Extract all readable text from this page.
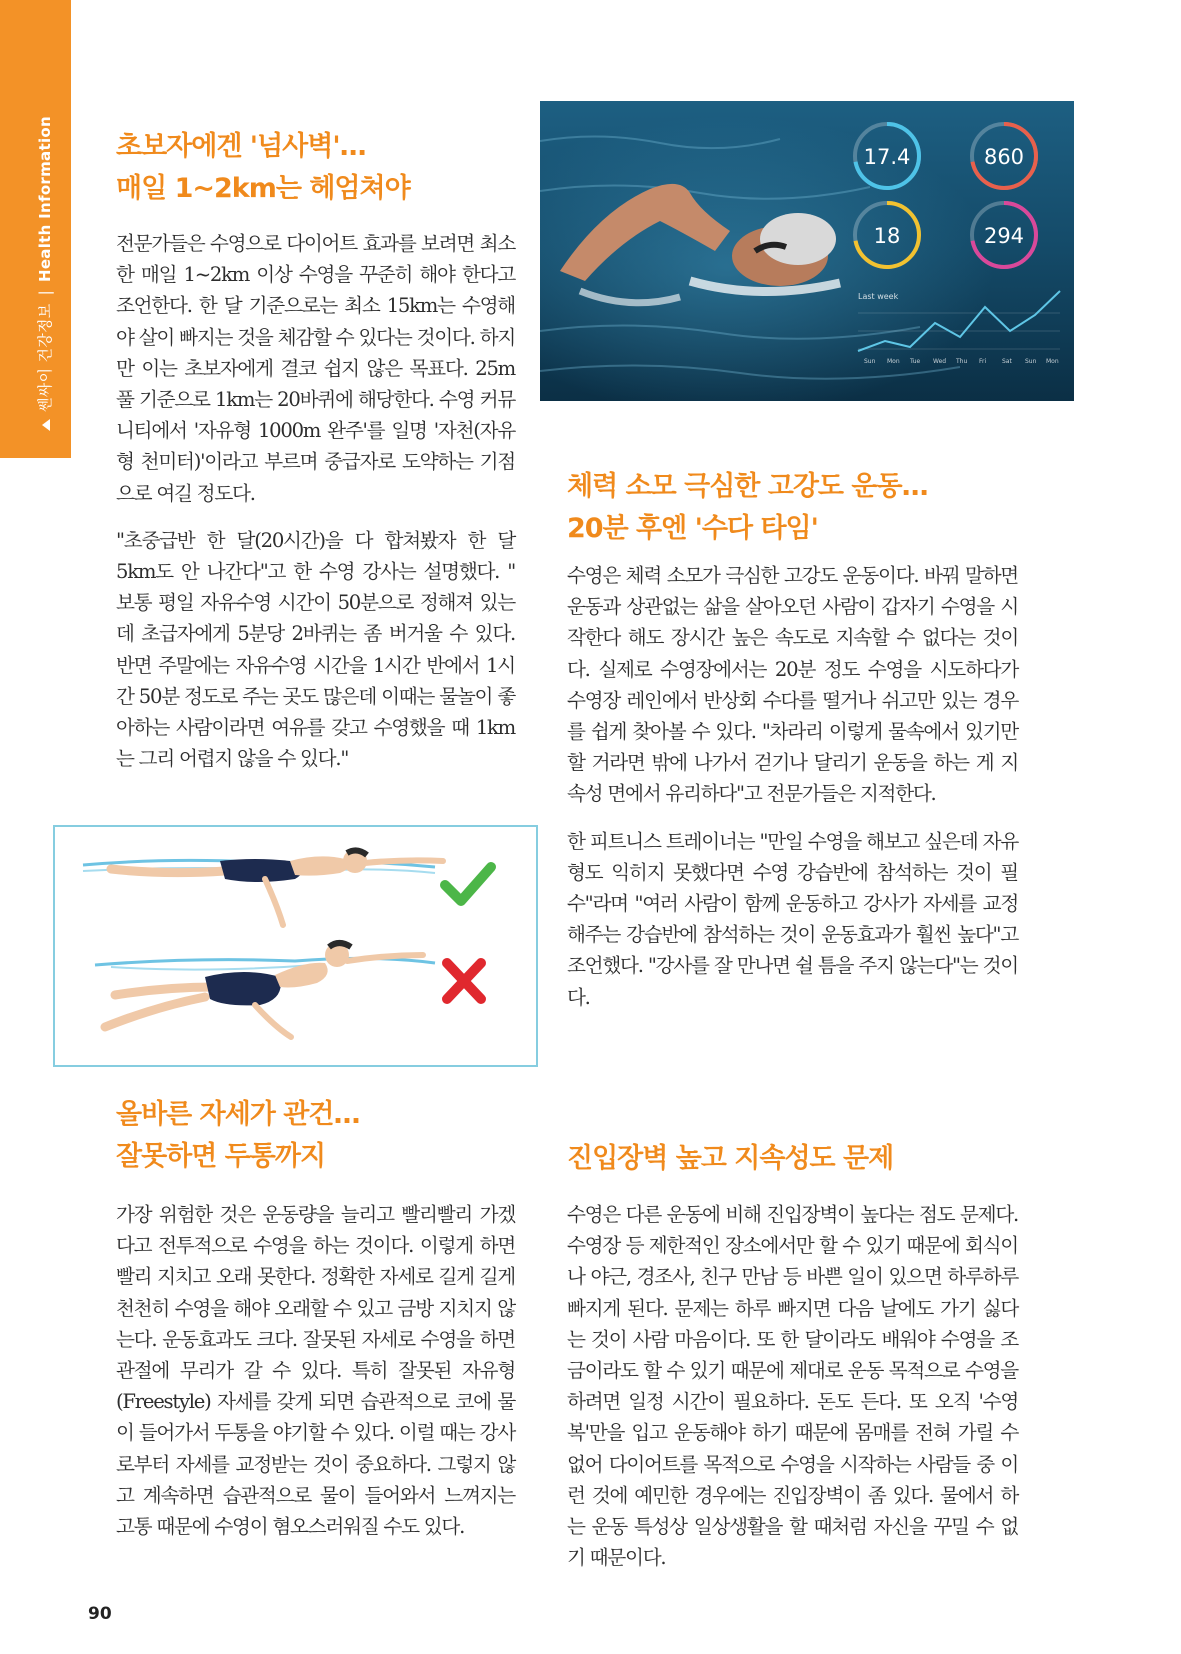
쎈싸이 건강정보|Health Information 초보자에겐 '넘사벽'…
매일 1~2km는 헤엄쳐야

전문가들은 수영으로 다이어트 효과를 보려면 최소한 매일 1~2km 이상 수영을 꾸준히 해야 한다고 조언한다. 한 달 기준으로는 최소 15km는 수영해야 살이 빠지는 것을 체감할 수 있다는 것이다. 하지만 이는 초보자에게 결코 쉽지 않은 목표다. 25m 풀 기준으로 1km는 20바퀴에 해당한다. 수영 커뮤니티에서 '자유형 1000m 완주'를 일명 '자천(자유형 천미터)'이라고 부르며 중급자로 도약하는 기점으로 여길 정도다.

"초중급반 한 달(20시간)을 다 합쳐봤자 한 달 5km도 안 나간다"고 한 수영 강사는 설명했다. " 보통 평일 자유수영 시간이 50분으로 정해져 있는데 초급자에게 5분당 2바퀴는 좀 버거울 수 있다. 반면 주말에는 자유수영 시간을 1시간 반에서 1시간 50분 정도로 주는 곳도 많은데 이때는 물놀이 좋아하는 사람이라면 여유를 갖고 수영했을 때 1km는 그리 어렵지 않을 수 있다."

17.4	860
18	294
Last week
Sun Mon Tue Wed Thu Fri	Sat Sun Mon
체력 소모 극심한 고강도 운동…
20분 후엔 '수다 타임'

수영은 체력 소모가 극심한 고강도 운동이다. 바꿔 말하면 운동과 상관없는 삶을 살아오던 사람이 갑자기 수영을 시작한다 해도 장시간 높은 속도로 지속할 수 없다는 것이다. 실제로 수영장에서는 20분 정도 수영을 시도하다가 수영장 레인에서 반상회 수다를 떨거나 쉬고만 있는 경우를 쉽게 찾아볼 수 있다. "차라리 이렇게 물속에서 있기만 할 거라면 밖에 나가서 걷기나 달리기 운동을 하는 게 지속성 면에서 유리하다"고 전문가들은 지적한다.

한 피트니스 트레이너는 "만일 수영을 해보고 싶은데 자유형도 익히지 못했다면 수영 강습반에 참석하는 것이 필수"라며 "여러 사람이 함께 운동하고 강사가 자세를 교정해주는 강습반에 참석하는 것이 운동효과가 훨씬 높다"고 조언했다. "강사를 잘 만나면 쉴 틈을 주지 않는다"는 것이다.

올바른 자세가 관건…
잘못하면 두통까지

가장 위험한 것은 운동량을 늘리고 빨리빨리 가겠다고 전투적으로 수영을 하는 것이다. 이렇게 하면 빨리 지치고 오래 못한다. 정확한 자세로 길게 길게 천천히 수영을 해야 오래할 수 있고 금방 지치지 않는다. 운동효과도 크다. 잘못된 자세로 수영을 하면 관절에 무리가 갈 수 있다. 특히 잘못된 자유형(Freestyle) 자세를 갖게 되면 습관적으로 코에 물이 들어가서 두통을 야기할 수 있다. 이럴 때는 강사로부터 자세를 교정받는 것이 중요하다. 그렇지 않고 계속하면 습관적으로 물이 들어와서 느껴지는 고통 때문에 수영이 혐오스러워질 수도 있다.

진입장벽 높고 지속성도 문제

수영은 다른 운동에 비해 진입장벽이 높다는 점도 문제다. 수영장 등 제한적인 장소에서만 할 수 있기 때문에 회식이나 야근, 경조사, 친구 만남 등 바쁜 일이 있으면 하루하루 빠지게 된다. 문제는 하루 빠지면 다음 날에도 가기 싫다는 것이 사람 마음이다. 또 한 달이라도 배워야 수영을 조금이라도 할 수 있기 때문에 제대로 운동 목적으로 수영을 하려면 일정 시간이 필요하다. 돈도 든다. 또 오직 '수영복'만을 입고 운동해야 하기 때문에 몸매를 전혀 가릴 수 없어 다이어트를 목적으로 수영을 시작하는 사람들 중 이런 것에 예민한 경우에는 진입장벽이 좀 있다. 물에서 하는 운동 특성상 일상생활을 할 때처럼 자신을 꾸밀 수 없기 때문이다.

90
